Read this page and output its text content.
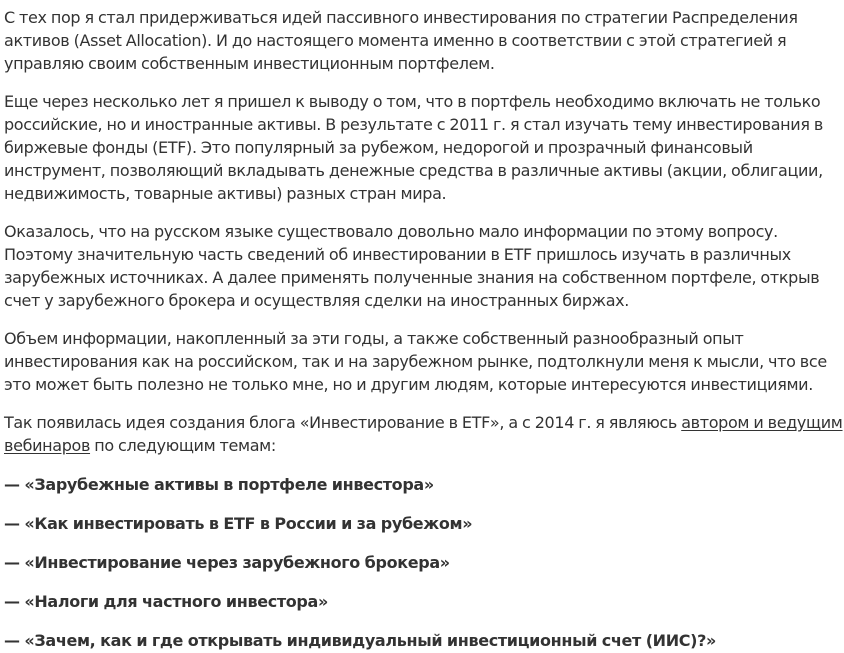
С тех пор я стал придерживаться идей пассивного инвестирования по стратегии Распределения активов (Asset Allocation). И до настоящего момента именно в соответствии с этой стратегией я управляю своим собственным инвестиционным портфелем.

Еще через несколько лет я пришел к выводу о том, что в портфель необходимо включать не только российские, но и иностранные активы. В результате с 2011 г. я стал изучать тему инвестирования в биржевые фонды (ETF). Это популярный за рубежом, недорогой и прозрачный финансовый инструмент, позволяющий вкладывать денежные средства в различные активы (акции, облигации, недвижимость, товарные активы) разных стран мира.

Оказалось, что на русском языке существовало довольно мало информации по этому вопросу. Поэтому значительную часть сведений об инвестировании в ETF пришлось изучать в различных зарубежных источниках. А далее применять полученные знания на собственном портфеле, открыв счет у зарубежного брокера и осуществляя сделки на иностранных биржах.

Объем информации, накопленный за эти годы, а также собственный разнообразный опыт инвестирования как на российском, так и на зарубежном рынке, подтолкнули меня к мысли, что все это может быть полезно не только мне, но и другим людям, которые интересуются инвестициями.

Так появилась идея создания блога «Инвестирование в ETF», а с 2014 г. я являюсь автором и ведущим вебинаров по следующим темам:

— «Зарубежные активы в портфеле инвестора»

— «Как инвестировать в ETF в России и за рубежом»

— «Инвестирование через зарубежного брокера»

— «Налоги для частного инвестора»

— «Зачем, как и где открывать индивидуальный инвестиционный счет (ИИС)?»
